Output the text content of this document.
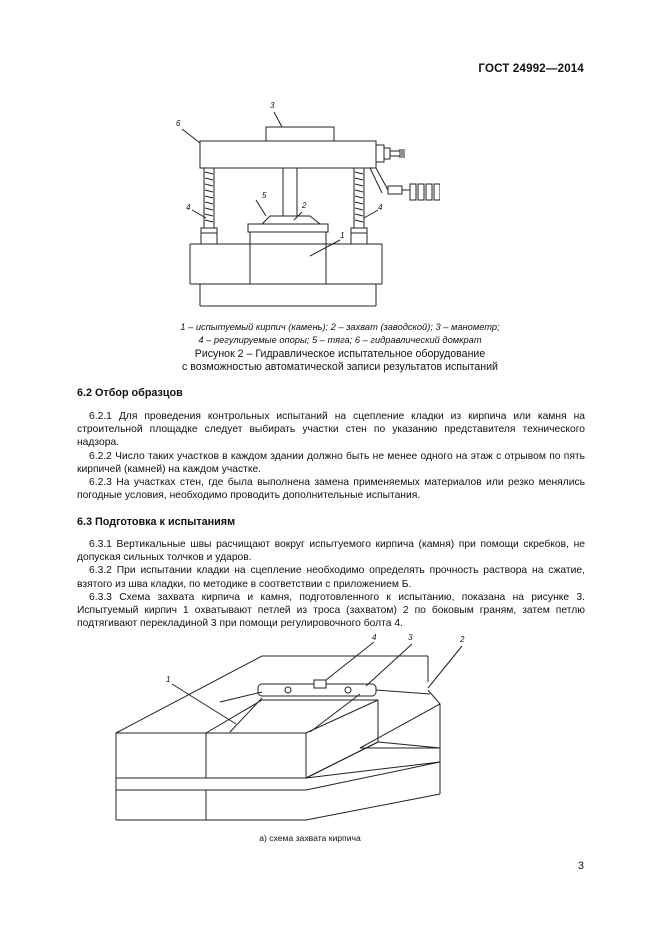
ГОСТ 24992—2014
3
6
5
2
4	4
1
1 – испытуемый кирпич (камень); 2 – захват (заводской); 3 – манометр;
4 – регулируемые опоры; 5 – тяга; 6 – гидравлический домкрат
Рисунок 2 – Гидравлическое испытательное оборудование
с возможностью автоматической записи результатов испытаний
6.2 Отбор образцов

6.2.1 Для проведения контрольных испытаний на сцепление кладки из кирпича или камня на строительной площадке следует выбирать участки стен по указанию представителя технического надзора.

6.2.2 Число таких участков в каждом здании должно быть не менее одного на этаж с отрывом по пять кирпичей (камней) на каждом участке.

6.2.3 На участках стен, где была выполнена замена применяемых материалов или резко менялись погодные условия, необходимо проводить дополнительные испытания.

6.3 Подготовка к испытаниям

6.3.1 Вертикальные швы расчищают вокруг испытуемого кирпича (камня) при помощи скребков, не допуская сильных толчков и ударов.

6.3.2 При испытании кладки на сцепление необходимо определять прочность раствора на сжатие, взятого из шва кладки, по методике в соответствии с приложением Б.

6.3.3 Схема захвата кирпича и камня, подготовленного к испытанию, показана на рисунке 3. Испытуемый кирпич 1 охватывают петлей из троса (захватом) 2 по боковым граням, затем петлю подтягивают перекладиной 3 при помощи регулировочного болта 4.

4	3	2
1
а) схема захвата кирпича
3
